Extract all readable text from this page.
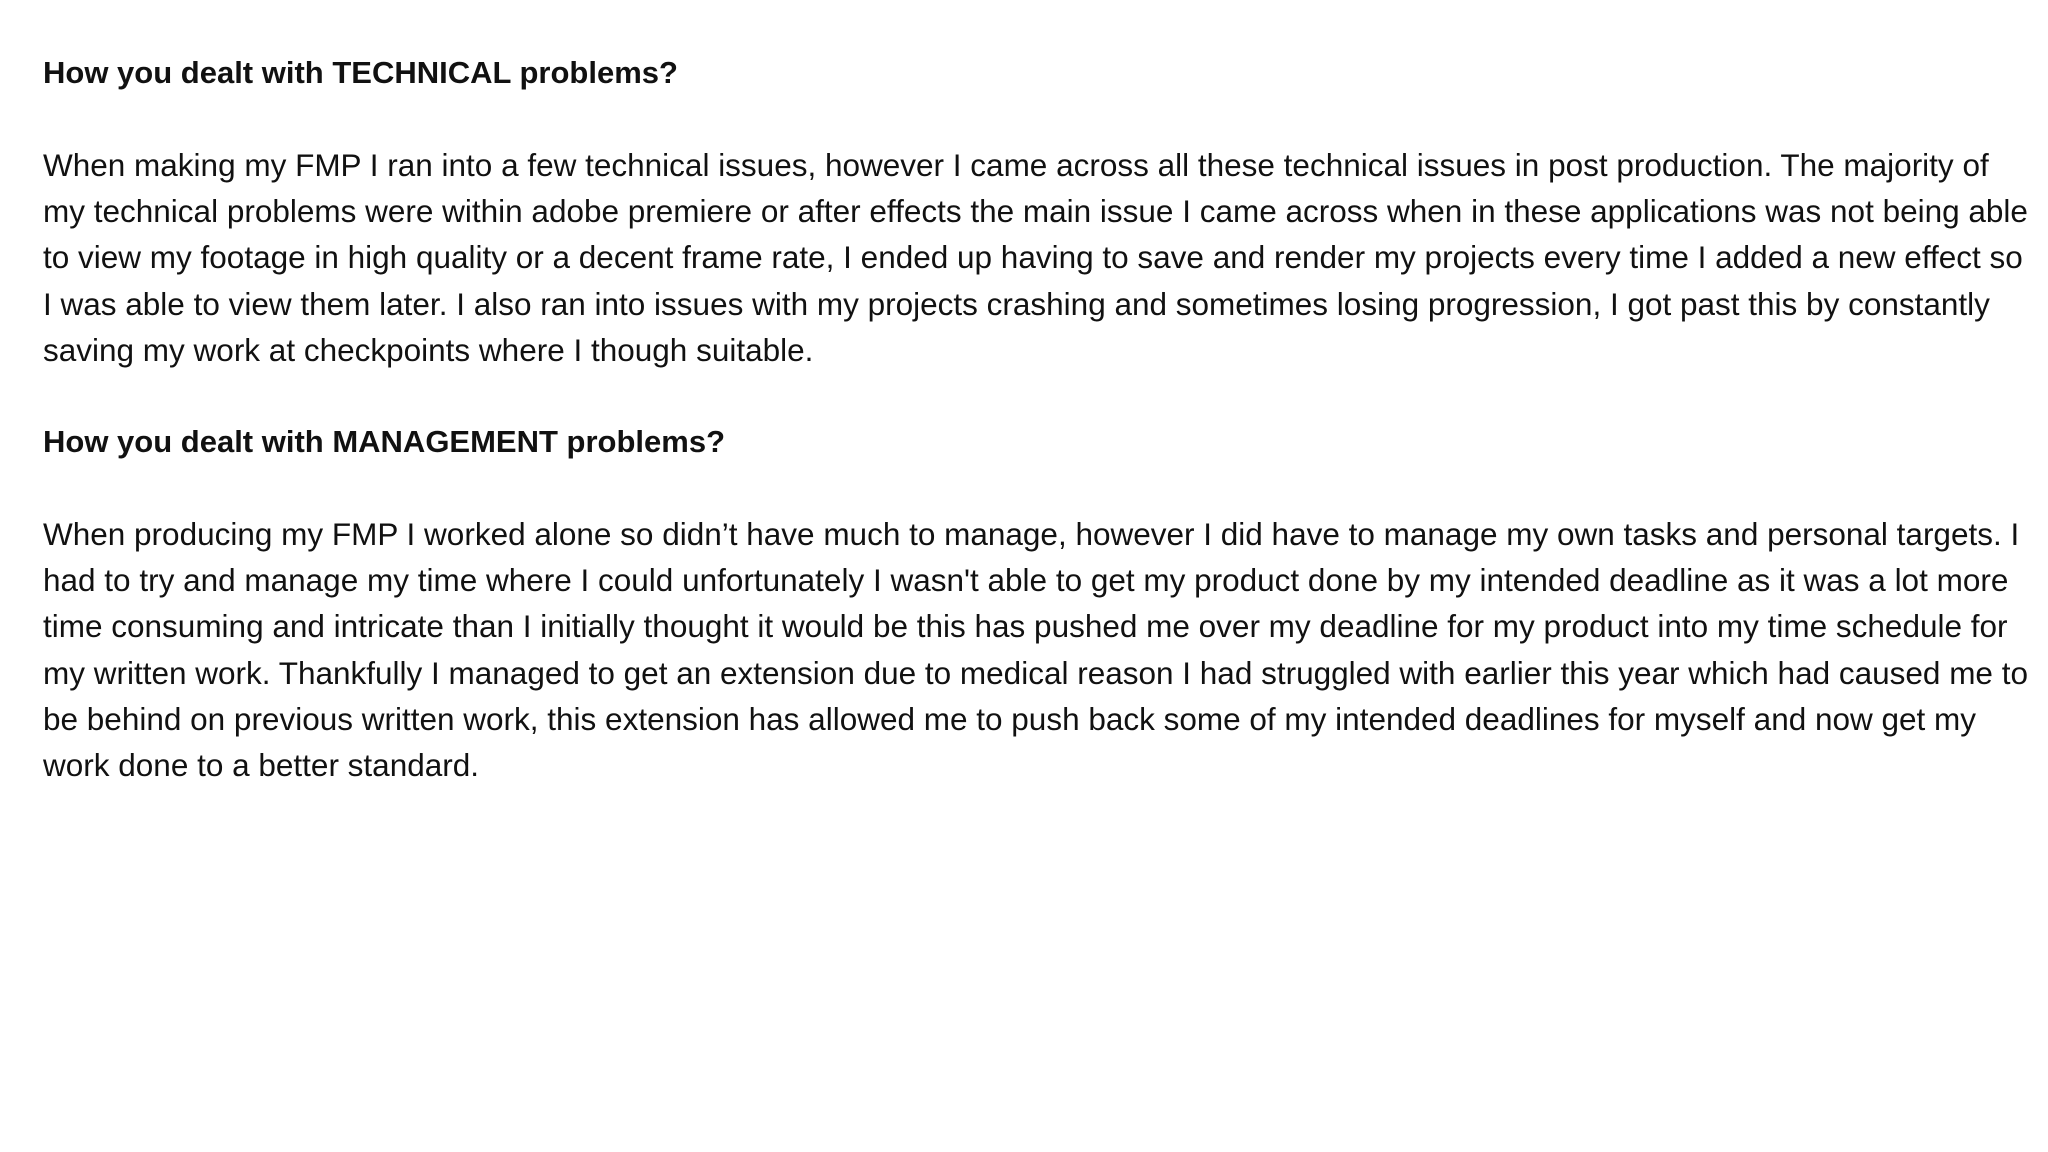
How you dealt with TECHNICAL problems?

When making my FMP I ran into a few technical issues, however I came across all these technical issues in post production. The majority of my technical problems were within adobe premiere or after effects the main issue I came across when in these applications was not being able to view my footage in high quality or a decent frame rate, I ended up having to save and render my projects every time I added a new effect so I was able to view them later. I also ran into issues with my projects crashing and sometimes losing progression, I got past this by constantly saving my work at checkpoints where I though suitable.

How you dealt with MANAGEMENT problems?

When producing my FMP I worked alone so didn’t have much to manage, however I did have to manage my own tasks and personal targets. I had to try and manage my time where I could unfortunately I wasn't able to get my product done by my intended deadline as it was a lot more time consuming and intricate than I initially thought it would be this has pushed me over my deadline for my product into my time schedule for my written work. Thankfully I managed to get an extension due to medical reason I had struggled with earlier this year which had caused me to be behind on previous written work, this extension has allowed me to push back some of my intended deadlines for myself and now get my work done to a better standard.
